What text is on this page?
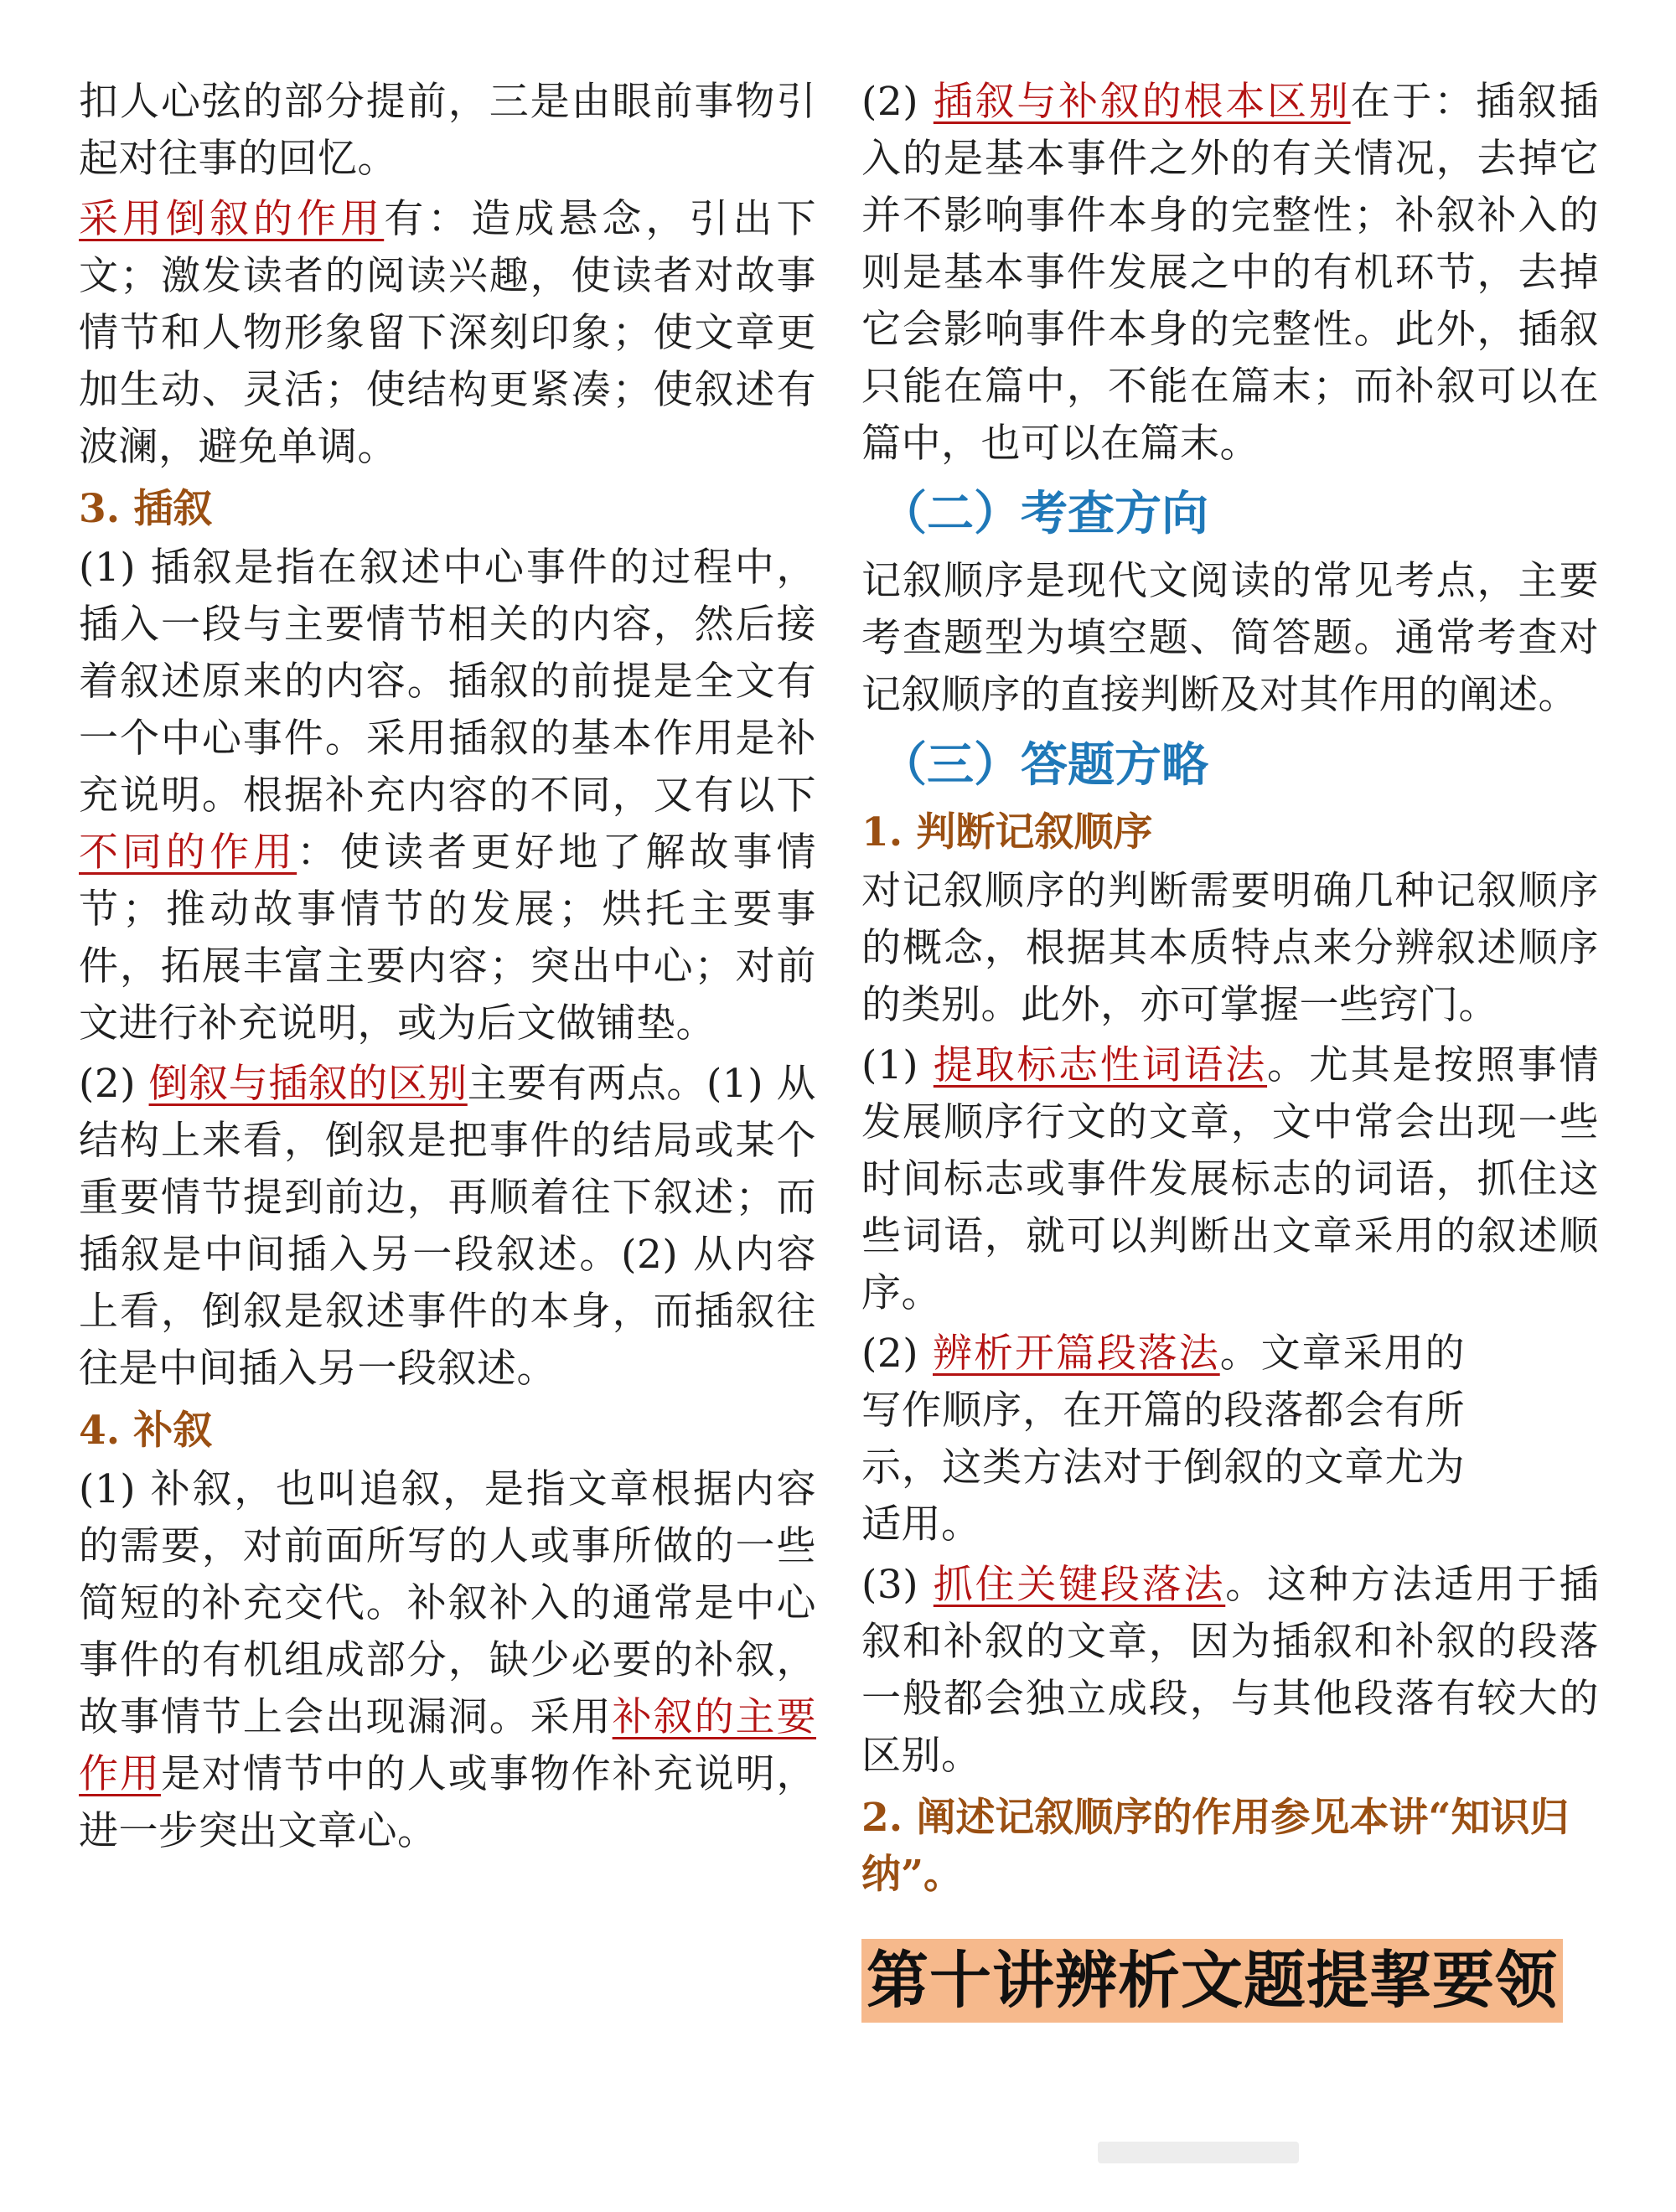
扣人心弦的部分提前，三是由眼前事物引起对往事的回忆。

采用倒叙的作用有：造成悬念，引出下文；激发读者的阅读兴趣，使读者对故事情节和人物形象留下深刻印象；使文章更加生动、灵活；使结构更紧凑；使叙述有波澜，避免单调。

3. 插叙

(1) 插叙是指在叙述中心事件的过程中，插入一段与主要情节相关的内容，然后接着叙述原来的内容。插叙的前提是全文有一个中心事件。采用插叙的基本作用是补充说明。根据补充内容的不同，又有以下不同的作用：使读者更好地了解故事情节；推动故事情节的发展；烘托主要事件，拓展丰富主要内容；突出中心；对前文进行补充说明，或为后文做铺垫。

(2) 倒叙与插叙的区别主要有两点。(1) 从结构上来看，倒叙是把事件的结局或某个重要情节提到前边，再顺着往下叙述；而插叙是中间插入另一段叙述。(2) 从内容上看，倒叙是叙述事件的本身，而插叙往往是中间插入另一段叙述。

4. 补叙

(1) 补叙，也叫追叙，是指文章根据内容的需要，对前面所写的人或事所做的一些简短的补充交代。补叙补入的通常是中心事件的有机组成部分，缺少必要的补叙，故事情节上会出现漏洞。采用补叙的主要作用是对情节中的人或事物作补充说明，进一步突出文章心。

(2) 插叙与补叙的根本区别在于：插叙插入的是基本事件之外的有关情况，去掉它并不影响事件本身的完整性；补叙补入的则是基本事件发展之中的有机环节，去掉它会影响事件本身的完整性。此外，插叙只能在篇中，不能在篇末；而补叙可以在篇中，也可以在篇末。

（二）考查方向

记叙顺序是现代文阅读的常见考点，主要考查题型为填空题、简答题。通常考查对记叙顺序的直接判断及对其作用的阐述。

（三）答题方略
1. 判断记叙顺序

对记叙顺序的判断需要明确几种记叙顺序的概念，根据其本质特点来分辨叙述顺序的类别。此外，亦可掌握一些窍门。

(1) 提取标志性词语法。尤其是按照事情发展顺序行文的文章，文中常会出现一些时间标志或事件发展标志的词语，抓住这些词语，就可以判断出文章采用的叙述顺序。

(2) 辨析开篇段落法。文章采用的写作顺序，在开篇的段落都会有所示，这类方法对于倒叙的文章尤为适用。

(3) 抓住关键段落法。这种方法适用于插叙和补叙的文章，因为插叙和补叙的段落一般都会独立成段，与其他段落有较大的区别。

2. 阐述记叙顺序的作用参见本讲“知识归纳”。
第十讲辨析文题提挈要领
